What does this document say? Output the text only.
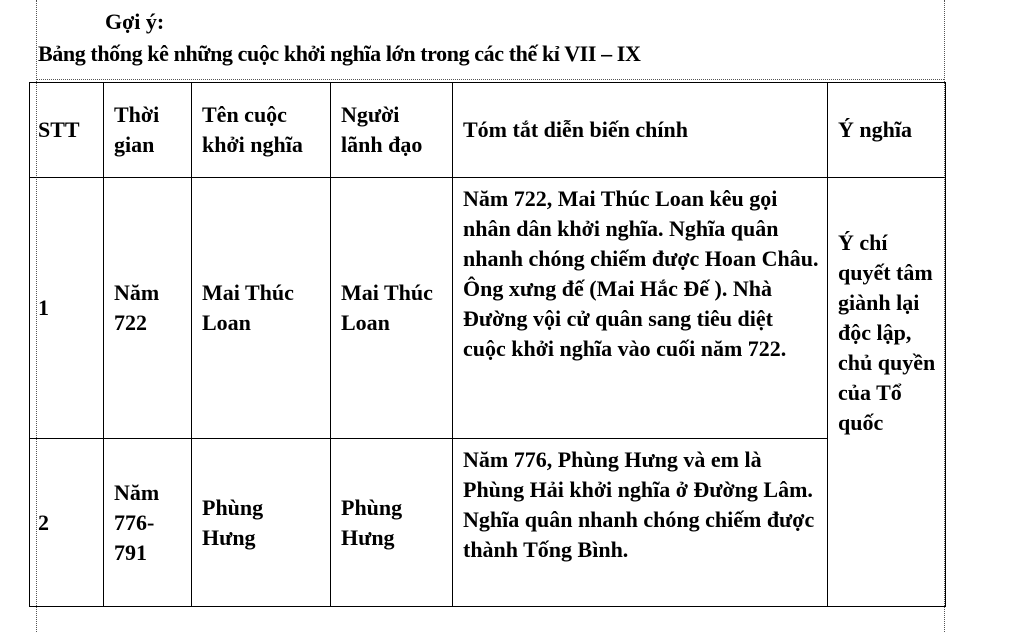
Gợi ý:
Bảng thống kê những cuộc khởi nghĩa lớn trong các thế kỉ VII – IX
STT	Thời gian	Tên cuộc khởi nghĩa	Người lãnh đạo	Tóm tắt diễn biến chính	Ý nghĩa
1	Năm 722	Mai Thúc Loan	Mai Thúc Loan	Năm 722, Mai Thúc Loan kêu gọi nhân dân khởi nghĩa. Nghĩa quân nhanh chóng chiếm được Hoan Châu. Ông xưng đế (Mai Hắc Đế ). Nhà Đường vội cử quân sang tiêu diệt cuộc khởi nghĩa vào cuối năm 722.	Ý chí quyết tâm giành lại độc lập, chủ quyền của Tổ quốc
2	Năm 776-791	Phùng Hưng	Phùng Hưng	Năm 776, Phùng Hưng và em là Phùng Hải khởi nghĩa ở Đường Lâm. Nghĩa quân nhanh chóng chiếm được thành Tống Bình.	
